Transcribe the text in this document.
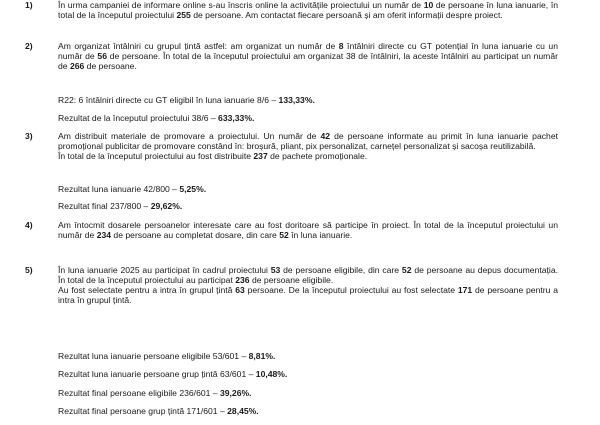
1)	În urma campaniei de informare online s-au înscris online la activitățile proiectului un număr de 10 de persoane în luna ianuarie, în total de la începutul proiectului 255 de persoane. Am contactat fiecare persoană și am oferit informații despre proiect.
2)	Am organizat întâlniri cu grupul țintă astfel: am organizat un număr de 8 întâlniri directe cu GT potențial în luna ianuarie cu un număr de 56 de persoane. În total de la începutul proiectului am organizat 38 de întâlniri, la aceste întâlniri au participat un număr de 266 de persoane.
R22: 6 întâlniri directe cu GT eligibil în luna ianuarie 8/6 – 133,33%.
Rezultat de la începutul proiectului 38/6 – 633,33%.
3)	Am distribuit materiale de promovare a proiectului. Un număr de 42 de persoane informate au primit în luna ianuarie pachet promoțional publicitar de promovare constând în: broșură, pliant, pix personalizat, carnețel personalizat și sacoșa reutilizabilă.
În total de la începutul proiectului au fost distribuite 237 de pachete promoționale.
Rezultat luna ianuarie 42/800 – 5,25%.
Rezultat final 237/800 – 29,62%.
4)	Am întocmit dosarele persoanelor interesate care au fost doritoare să participe în proiect. În total de la începutul proiectului un număr de 234 de persoane au completat dosare, din care 52 în luna ianuarie.
5)	În luna ianuarie 2025 au participat în cadrul proiectului 53 de persoane eligibile, din care 52 de persoane au depus documentația. În total de la începutul proiectului au participat 236 de persoane eligibile.
Au fost selectate pentru a intra în grupul țintă 63 persoane. De la începutul proiectului au fost selectate 171 de persoane pentru a intra în grupul țintă.
Rezultat luna ianuarie persoane eligibile 53/601 – 8,81%.
Rezultat luna ianuarie persoane grup țintă 63/601 – 10,48%.
Rezultat final persoane eligibile 236/601 – 39,26%.
Rezultat final persoane grup țintă 171/601 – 28,45%.
